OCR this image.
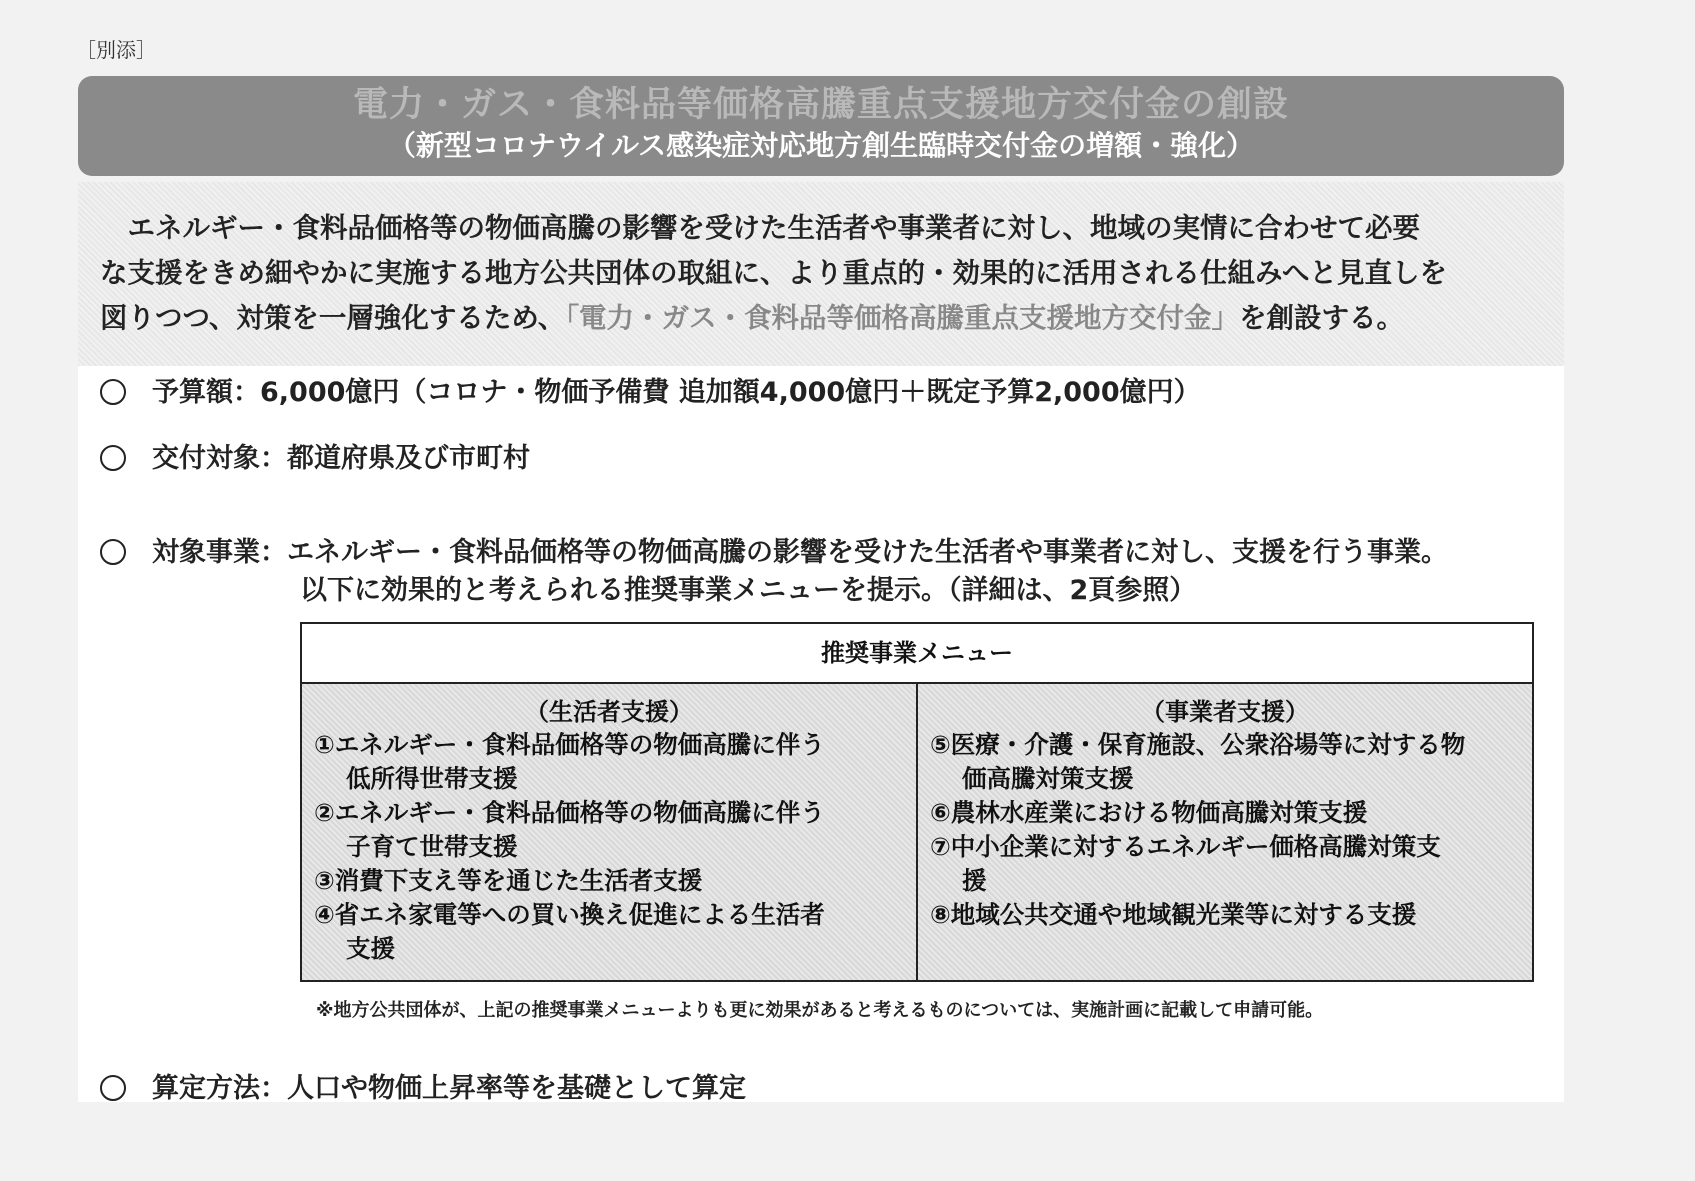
［別添］
電力・ガス・食料品等価格高騰重点支援地方交付金の創設
（新型コロナウイルス感染症対応地方創生臨時交付金の増額・強化）

　エネルギー・食料品価格等の物価高騰の影響を受けた生活者や事業者に対し、地域の実情に合わせて必要
な支援をきめ細やかに実施する地方公共団体の取組に、より重点的・効果的に活用される仕組みへと見直しを
図りつつ、対策を一層強化するため、「電力・ガス・食料品等価格高騰重点支援地方交付金」を創設する。

予算額：6,000億円（コロナ・物価予備費 追加額4,000億円＋既定予算2,000億円）
交付対象：都道府県及び市町村
対象事業：エネルギー・食料品価格等の物価高騰の影響を受けた生活者や事業者に対し、支援を行う事業。
以下に効果的と考えられる推奨事業メニューを提示。（詳細は、2頁参照）
推奨事業メニュー
（生活者支援）
①エネルギー・食料品価格等の物価高騰に伴う
低所得世帯支援
②エネルギー・食料品価格等の物価高騰に伴う
子育て世帯支援
③消費下支え等を通じた生活者支援
④省エネ家電等への買い換え促進による生活者
支援
（事業者支援）
⑤医療・介護・保育施設、公衆浴場等に対する物
価高騰対策支援
⑥農林水産業における物価高騰対策支援
⑦中小企業に対するエネルギー価格高騰対策支
援
⑧地域公共交通や地域観光業等に対する支援
※地方公共団体が、上記の推奨事業メニューよりも更に効果があると考えるものについては、実施計画に記載して申請可能。
算定方法：人口や物価上昇率等を基礎として算定
